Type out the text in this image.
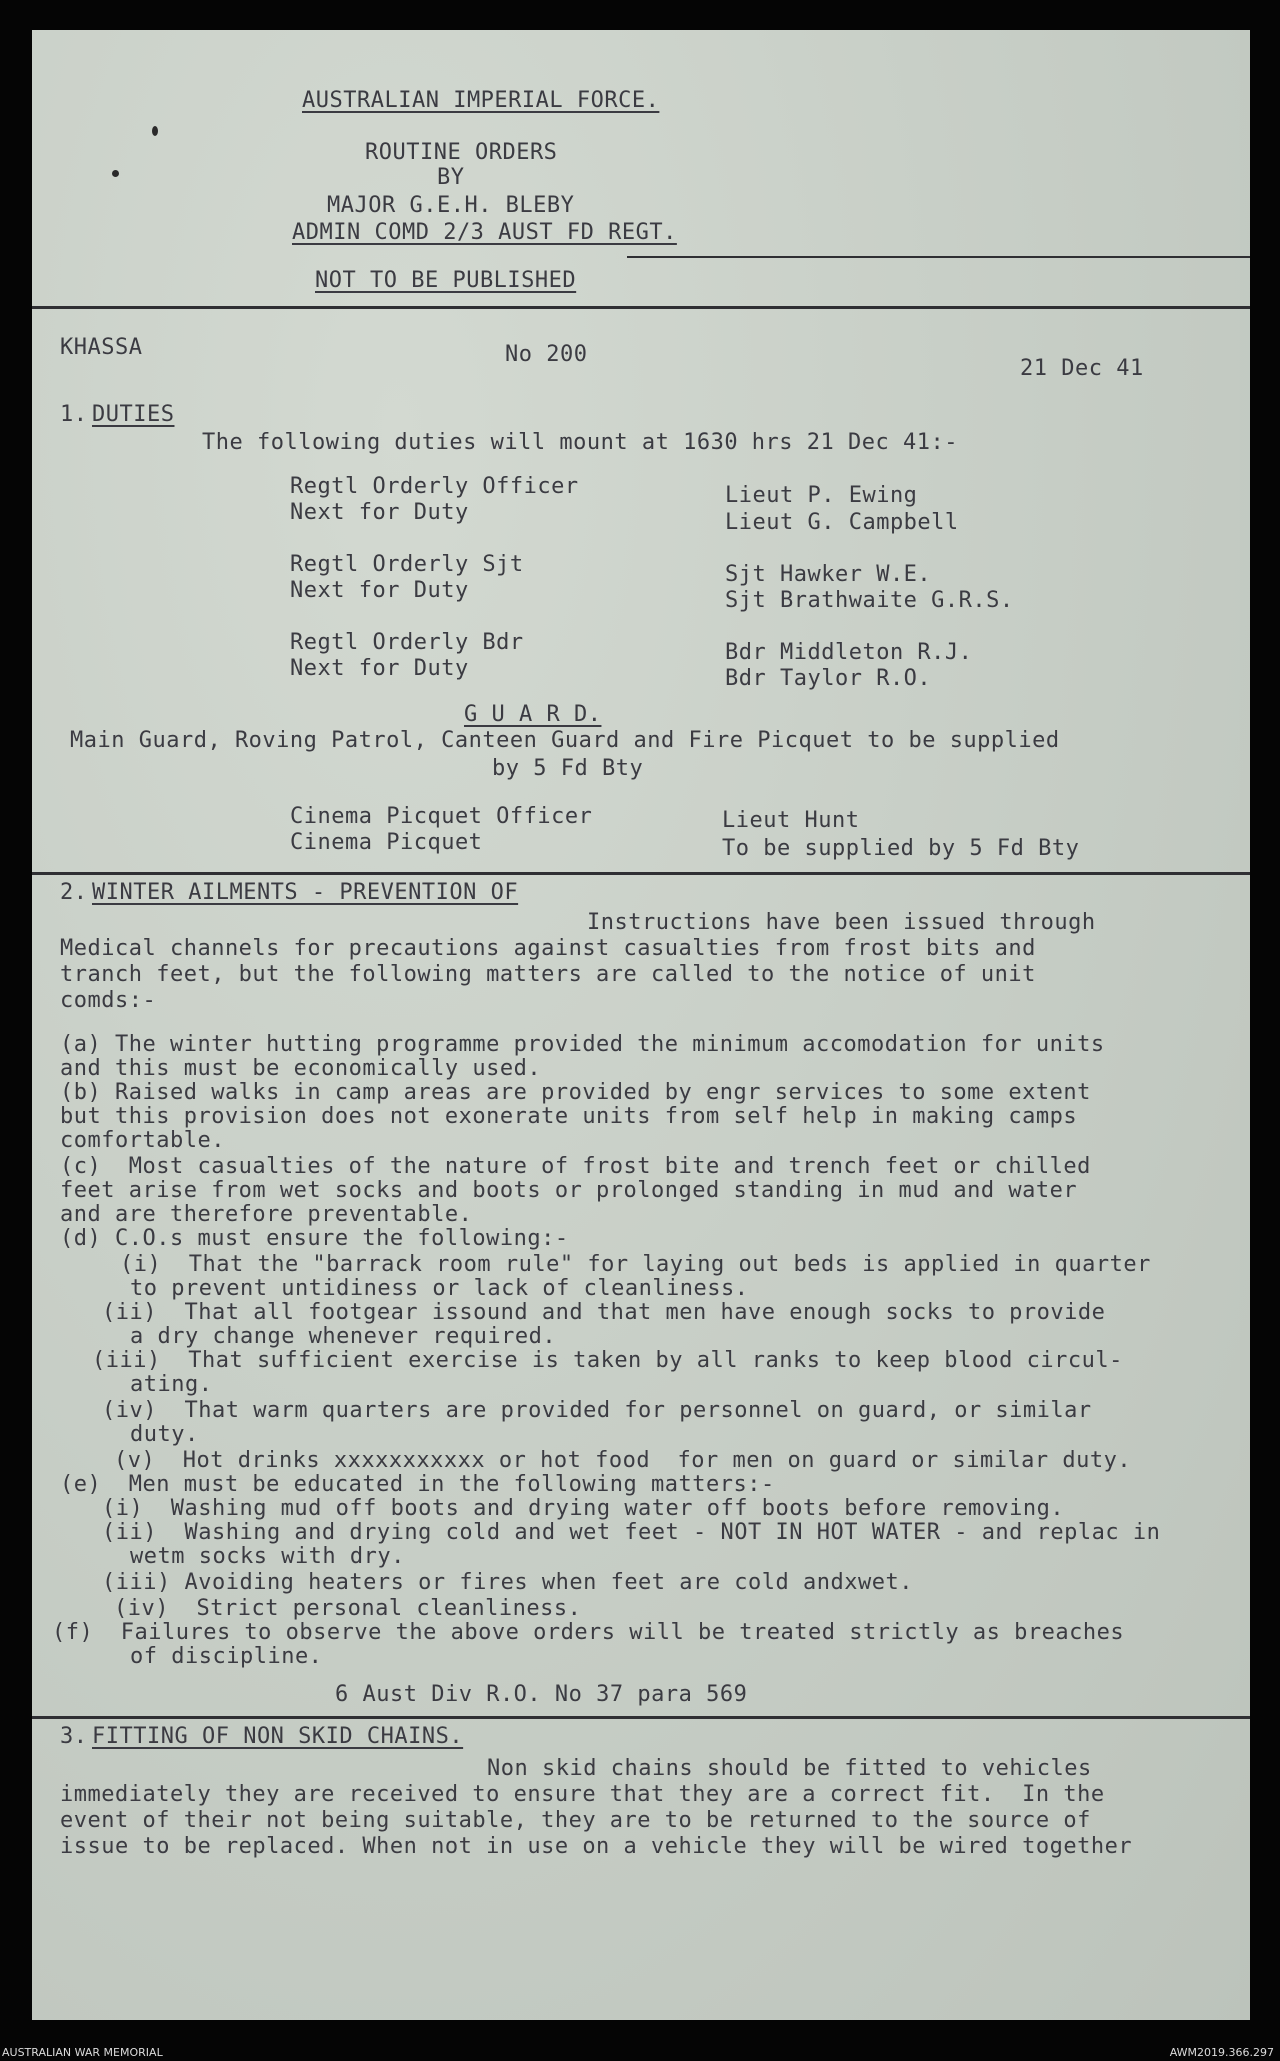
AUSTRALIAN IMPERIAL FORCE.
ROUTINE ORDERS
BY
MAJOR G.E.H. BLEBY
ADMIN COMD 2/3 AUST FD REGT.
NOT TO BE PUBLISHED
KHASSA	No 200
21 Dec 41
1. DUTIES
The following duties will mount at 1630 hrs 21 Dec 41:-
Regtl Orderly Officer	Lieut P. Ewing
Next for Duty	Lieut G. Campbell
Regtl Orderly Sjt	Sjt Hawker W.E.
Next for Duty	Sjt Brathwaite G.R.S.
Regtl Orderly Bdr	Bdr Middleton R.J.
Next for Duty	Bdr Taylor R.O.
G U A R D.
Main Guard, Roving Patrol, Canteen Guard and Fire Picquet to be supplied
by 5 Fd Bty
Cinema Picquet Officer	Lieut Hunt
Cinema Picquet	To be supplied by 5 Fd Bty
2. WINTER AILMENTS - PREVENTION OF
Instructions have been issued through
Medical channels for precautions against casualties from frost bits and
tranch feet, but the following matters are called to the notice of unit
comds:-
(a) The winter hutting programme provided the minimum accomodation for units
and this must be economically used.
(b) Raised walks in camp areas are provided by engr services to some extent
but this provision does not exonerate units from self help in making camps
comfortable.
(c)  Most casualties of the nature of frost bite and trench feet or chilled
feet arise from wet socks and boots or prolonged standing in mud and water
and are therefore preventable.
(d) C.O.s must ensure the following:-
(i)  That the "barrack room rule" for laying out beds is applied in quarter
to prevent untidiness or lack of cleanliness.
(ii)  That all footgear issound and that men have enough socks to provide
a dry change whenever required.
(iii)  That sufficient exercise is taken by all ranks to keep blood circul-
ating.
(iv)  That warm quarters are provided for personnel on guard, or similar
duty.
(v)  Hot drinks xxxxxxxxxxx or hot food  for men on guard or similar duty.
(e)  Men must be educated in the following matters:-
(i)  Washing mud off boots and drying water off boots before removing.
(ii)  Washing and drying cold and wet feet - NOT IN HOT WATER - and replac in
wetm socks with dry.
(iii) Avoiding heaters or fires when feet are cold andxwet.
(iv)  Strict personal cleanliness.
(f)  Failures to observe the above orders will be treated strictly as breaches
of discipline.
6 Aust Div R.O. No 37 para 569
3. FITTING OF NON SKID CHAINS.
Non skid chains should be fitted to vehicles
immediately they are received to ensure that they are a correct fit.  In the
event of their not being suitable, they are to be returned to the source of
issue to be replaced. When not in use on a vehicle they will be wired together
AUSTRALIAN WAR MEMORIAL	AWM2019.366.297
